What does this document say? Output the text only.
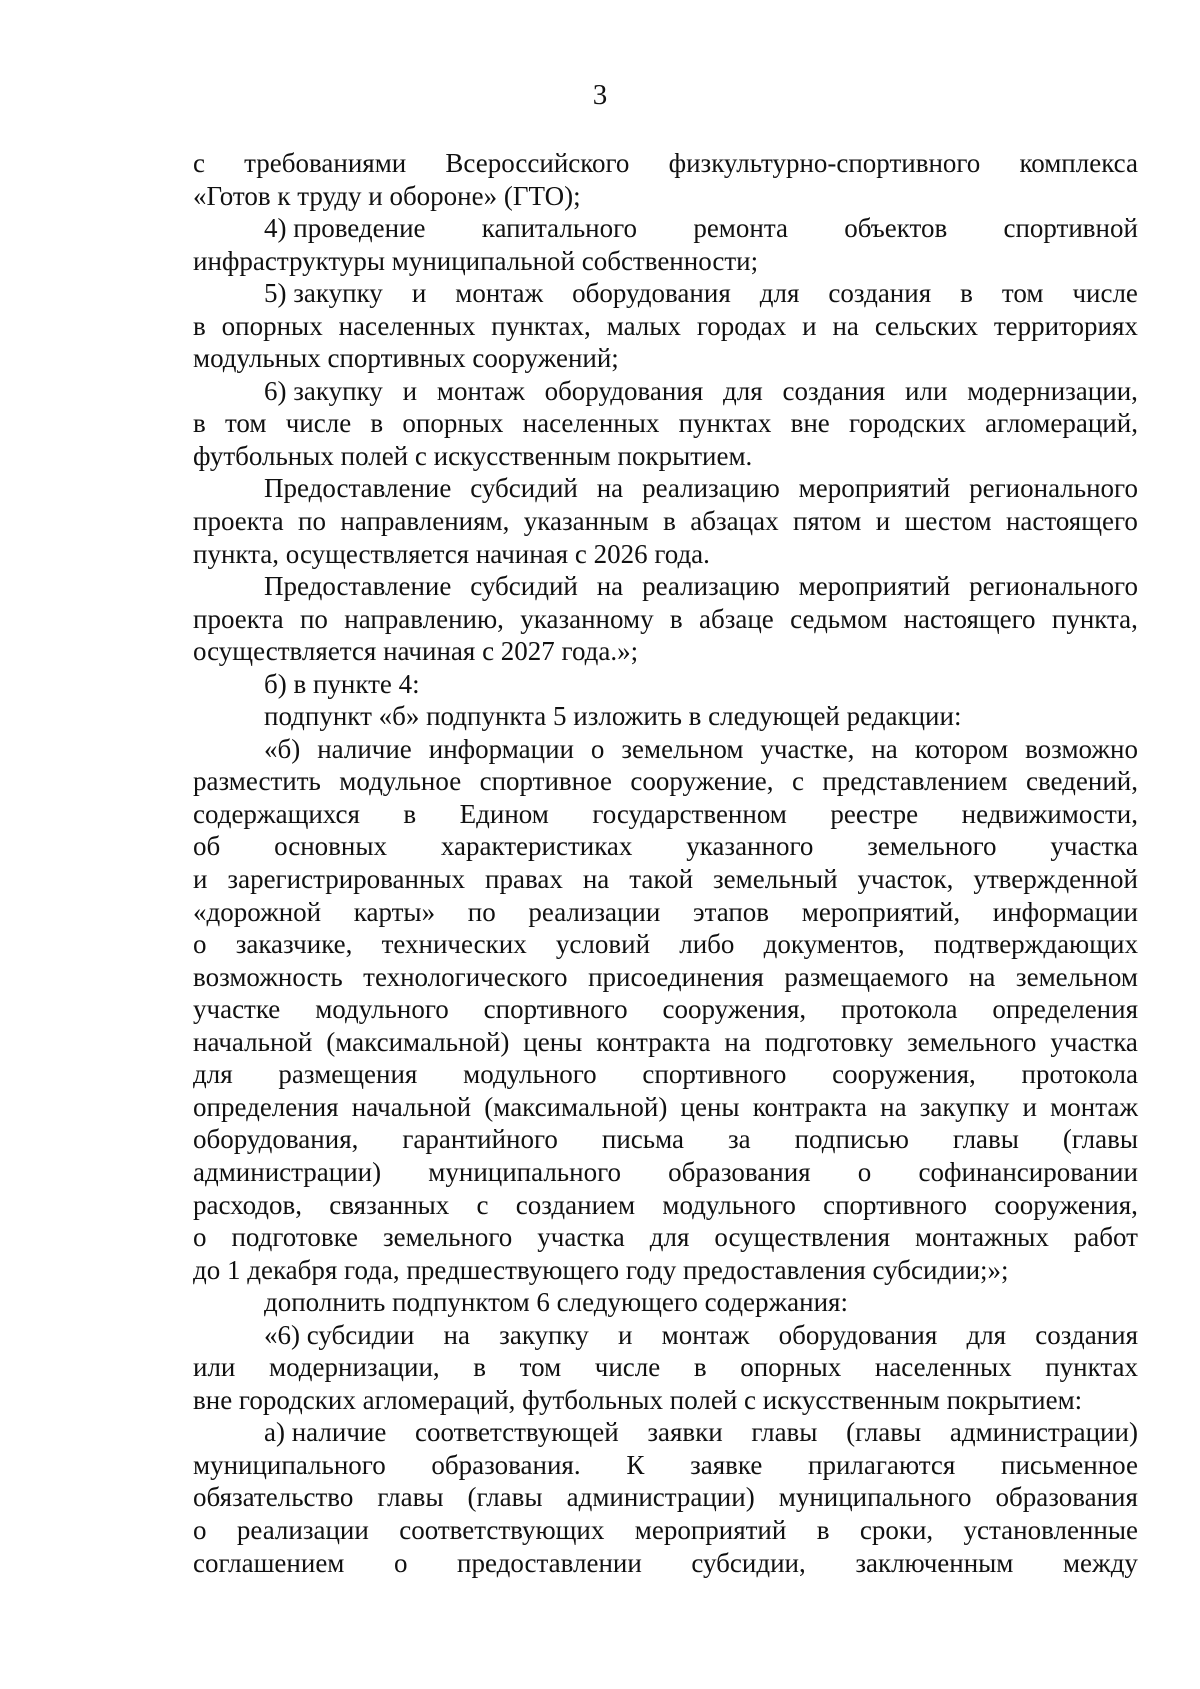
3
с требованиями Всероссийского физкультурно-спортивного комплекса
«Готов к труду и обороне» (ГТО);
4) проведение капитального ремонта объектов спортивной
инфраструктуры муниципальной собственности;
5) закупку и монтаж оборудования для создания в том числе
в опорных населенных пунктах, малых городах и на сельских территориях
модульных спортивных сооружений;
6) закупку и монтаж оборудования для создания или модернизации,
в том числе в опорных населенных пунктах вне городских агломераций,
футбольных полей с искусственным покрытием.
Предоставление субсидий на реализацию мероприятий регионального
проекта по направлениям, указанным в абзацах пятом и шестом настоящего
пункта, осуществляется начиная с 2026 года.
Предоставление субсидий на реализацию мероприятий регионального
проекта по направлению, указанному в абзаце седьмом настоящего пункта,
осуществляется начиная с 2027 года.»;
б) в пункте 4:
подпункт «б» подпункта 5 изложить в следующей редакции:
«б) наличие информации о земельном участке, на котором возможно
разместить модульное спортивное сооружение, с представлением сведений,
содержащихся в Едином государственном реестре недвижимости,
об основных характеристиках указанного земельного участка
и зарегистрированных правах на такой земельный участок, утвержденной
«дорожной карты» по реализации этапов мероприятий, информации
о заказчике, технических условий либо документов, подтверждающих
возможность технологического присоединения размещаемого на земельном
участке модульного спортивного сооружения, протокола определения
начальной (максимальной) цены контракта на подготовку земельного участка
для размещения модульного спортивного сооружения, протокола
определения начальной (максимальной) цены контракта на закупку и монтаж
оборудования, гарантийного письма за подписью главы (главы
администрации) муниципального образования о софинансировании
расходов, связанных с созданием модульного спортивного сооружения,
о подготовке земельного участка для осуществления монтажных работ
до 1 декабря года, предшествующего году предоставления субсидии;»;
дополнить подпунктом 6 следующего содержания:
«6) субсидии на закупку и монтаж оборудования для создания
или модернизации, в том числе в опорных населенных пунктах
вне городских агломераций, футбольных полей с искусственным покрытием:
а) наличие соответствующей заявки главы (главы администрации)
муниципального образования. К заявке прилагаются письменное
обязательство главы (главы администрации) муниципального образования
о реализации соответствующих мероприятий в сроки, установленные
соглашением о предоставлении субсидии, заключенным между
